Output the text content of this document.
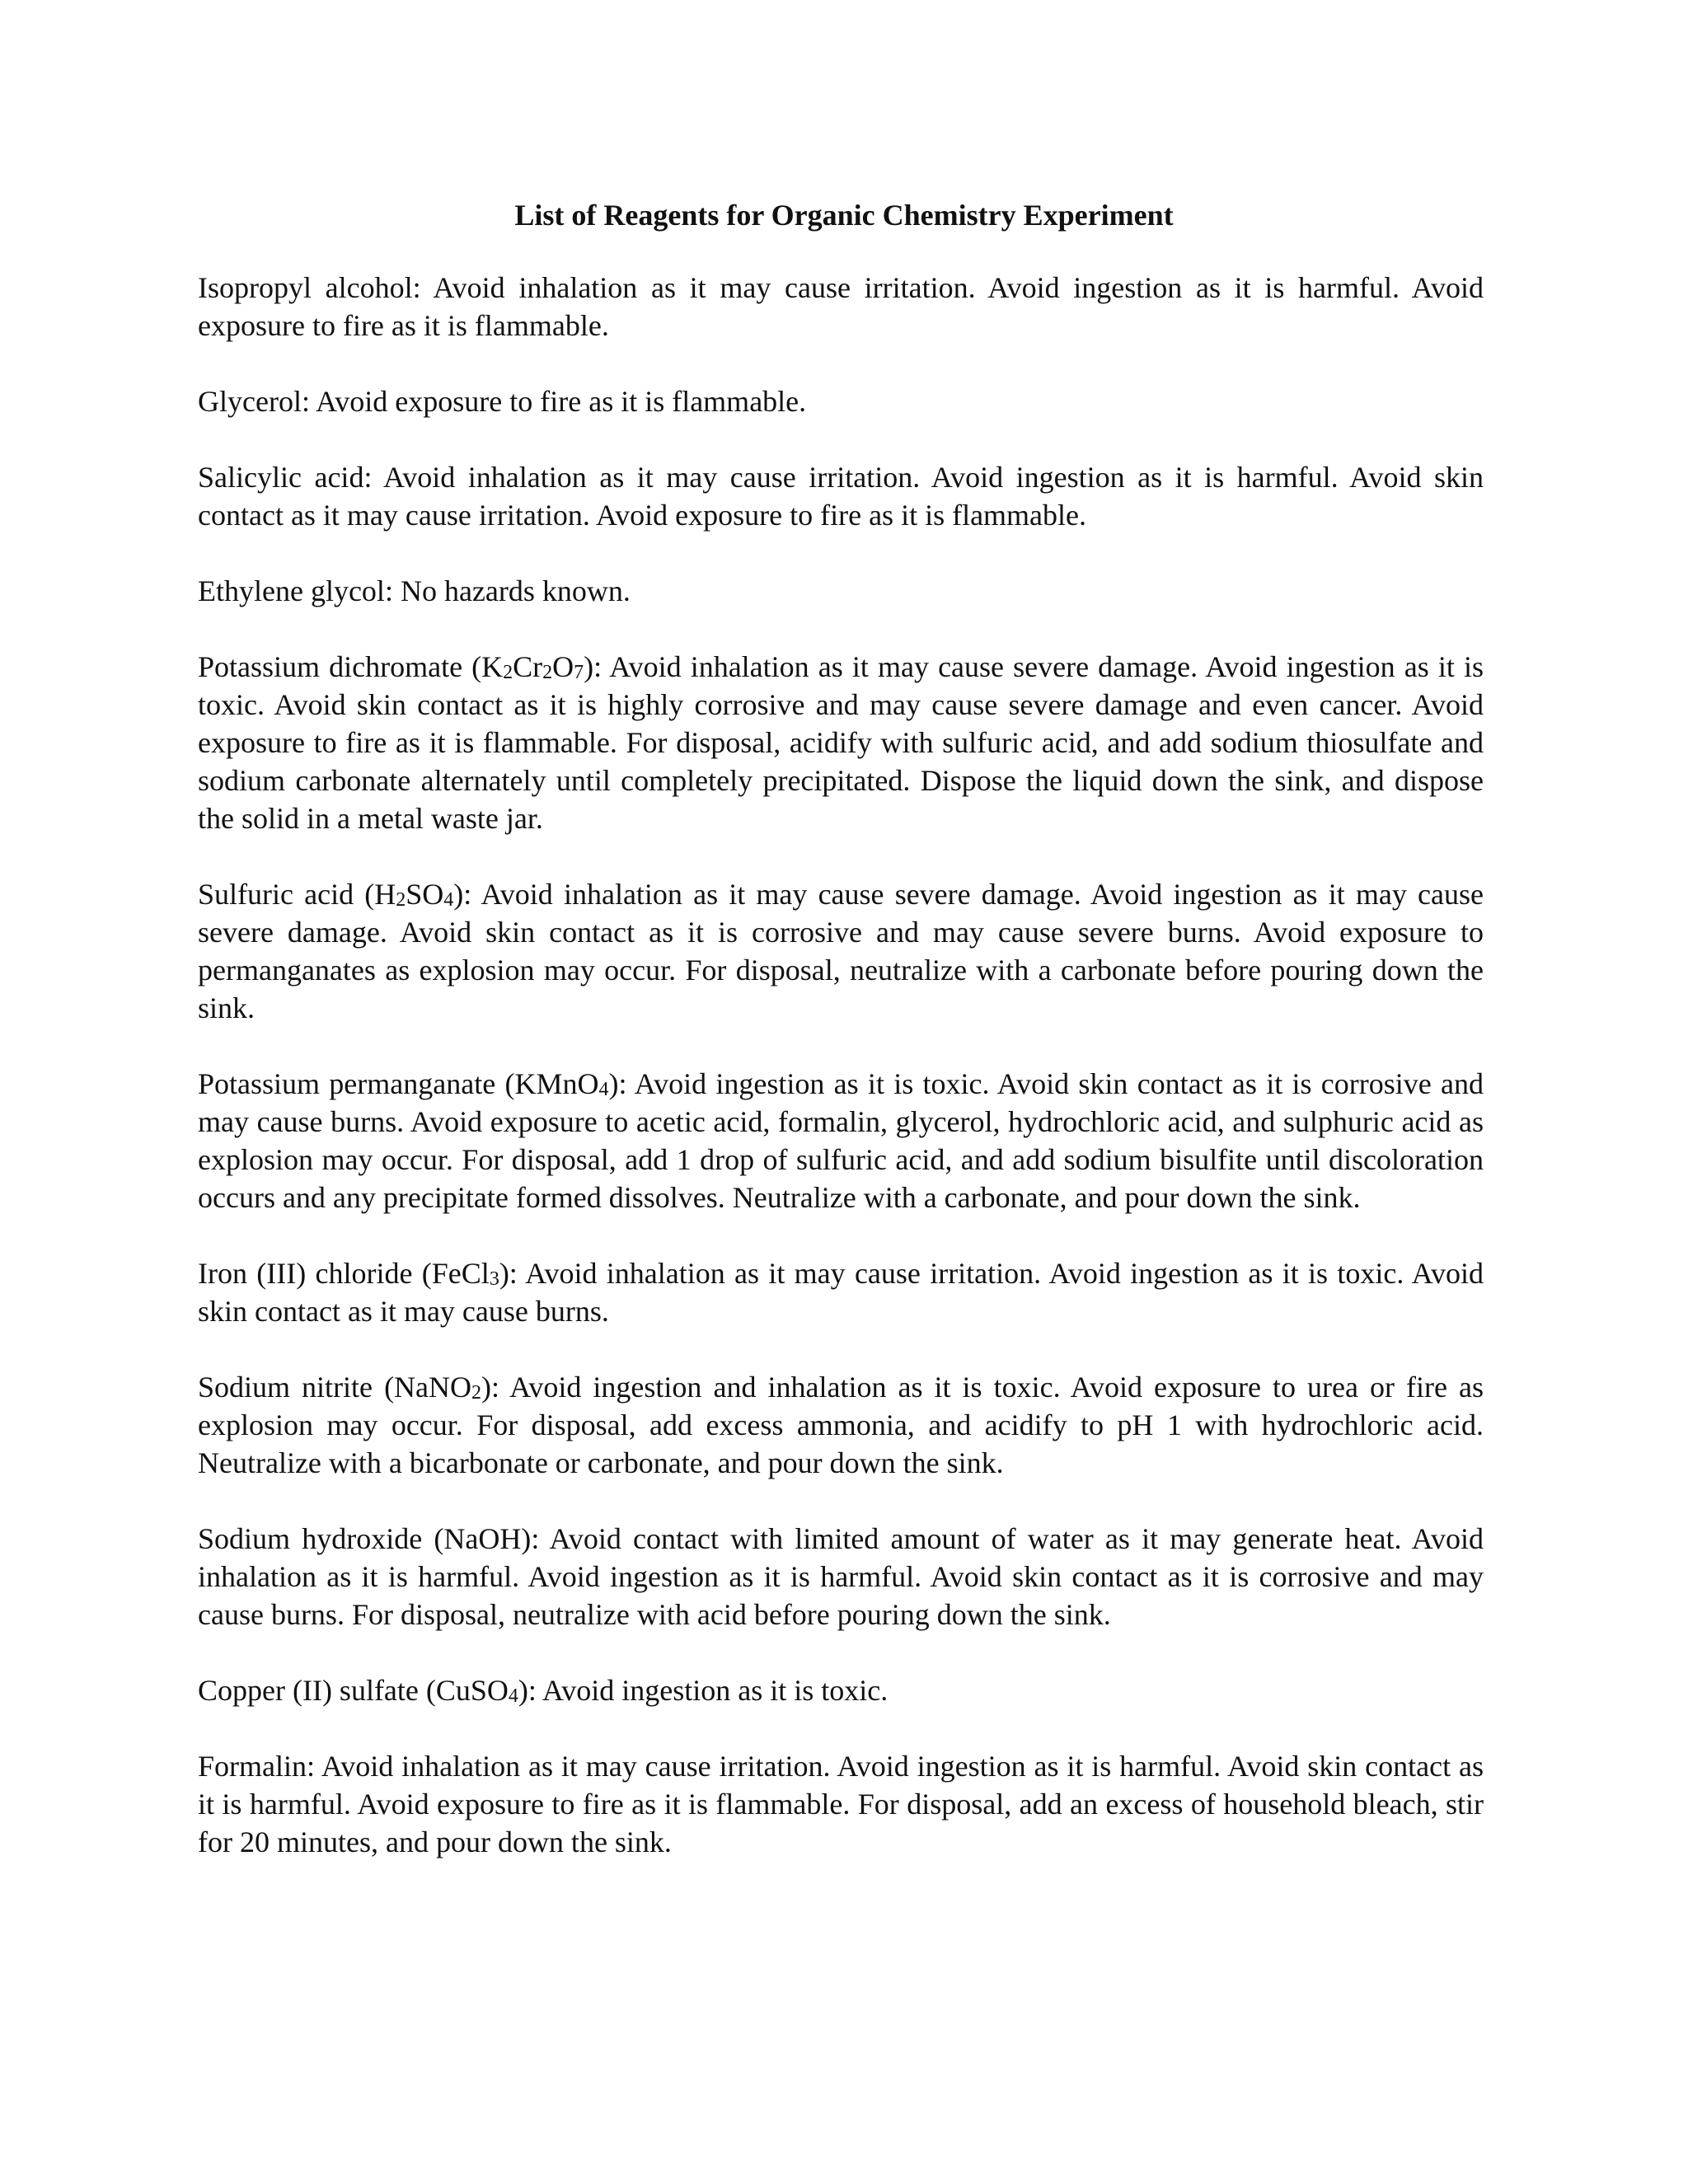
List of Reagents for Organic Chemistry Experiment

Isopropyl alcohol: Avoid inhalation as it may cause irritation. Avoid ingestion as it is harmful. Avoid exposure to fire as it is flammable.

Glycerol: Avoid exposure to fire as it is flammable.

Salicylic acid: Avoid inhalation as it may cause irritation. Avoid ingestion as it is harmful. Avoid skin contact as it may cause irritation. Avoid exposure to fire as it is flammable.

Ethylene glycol: No hazards known.

Potassium dichromate $(K_2Cr_2O_7)$: Avoid inhalation as it may cause severe damage. Avoid ingestion as it is toxic. Avoid skin contact as it is highly corrosive and may cause severe damage and even cancer. Avoid exposure to fire as it is flammable. For disposal, acidify with sulfuric acid, and add sodium thiosulfate and sodium carbonate alternately until completely precipitated. Dispose the liquid down the sink, and dispose the solid in a metal waste jar.

Sulfuric acid $(H_2SO_4)$: Avoid inhalation as it may cause severe damage. Avoid ingestion as it may cause severe damage. Avoid skin contact as it is corrosive and may cause severe burns. Avoid exposure to permanganates as explosion may occur. For disposal, neutralize with a carbonate before pouring down the sink.

Potassium permanganate (KMnO$_4$): Avoid ingestion as it is toxic. Avoid skin contact as it is corrosive and may cause burns. Avoid exposure to acetic acid, formalin, glycerol, hydrochloric acid, and sulphuric acid as explosion may occur. For disposal, add 1 drop of sulfuric acid, and add sodium bisulfite until discoloration occurs and any precipitate formed dissolves. Neutralize with a carbonate, and pour down the sink.

Iron (III) chloride (FeCl$_3$): Avoid inhalation as it may cause irritation. Avoid ingestion as it is toxic. Avoid skin contact as it may cause burns.

Sodium nitrite (NaNO$_2$): Avoid ingestion and inhalation as it is toxic. Avoid exposure to urea or fire as explosion may occur. For disposal, add excess ammonia, and acidify to pH 1 with hydrochloric acid. Neutralize with a bicarbonate or carbonate, and pour down the sink.

Sodium hydroxide (NaOH): Avoid contact with limited amount of water as it may generate heat. Avoid inhalation as it is harmful. Avoid ingestion as it is harmful. Avoid skin contact as it is corrosive and may cause burns. For disposal, neutralize with acid before pouring down the sink.

Copper (II) sulfate (CuSO$_4$): Avoid ingestion as it is toxic.

Formalin: Avoid inhalation as it may cause irritation. Avoid ingestion as it is harmful. Avoid skin contact as it is harmful. Avoid exposure to fire as it is flammable. For disposal, add an excess of household bleach, stir for 20 minutes, and pour down the sink.
